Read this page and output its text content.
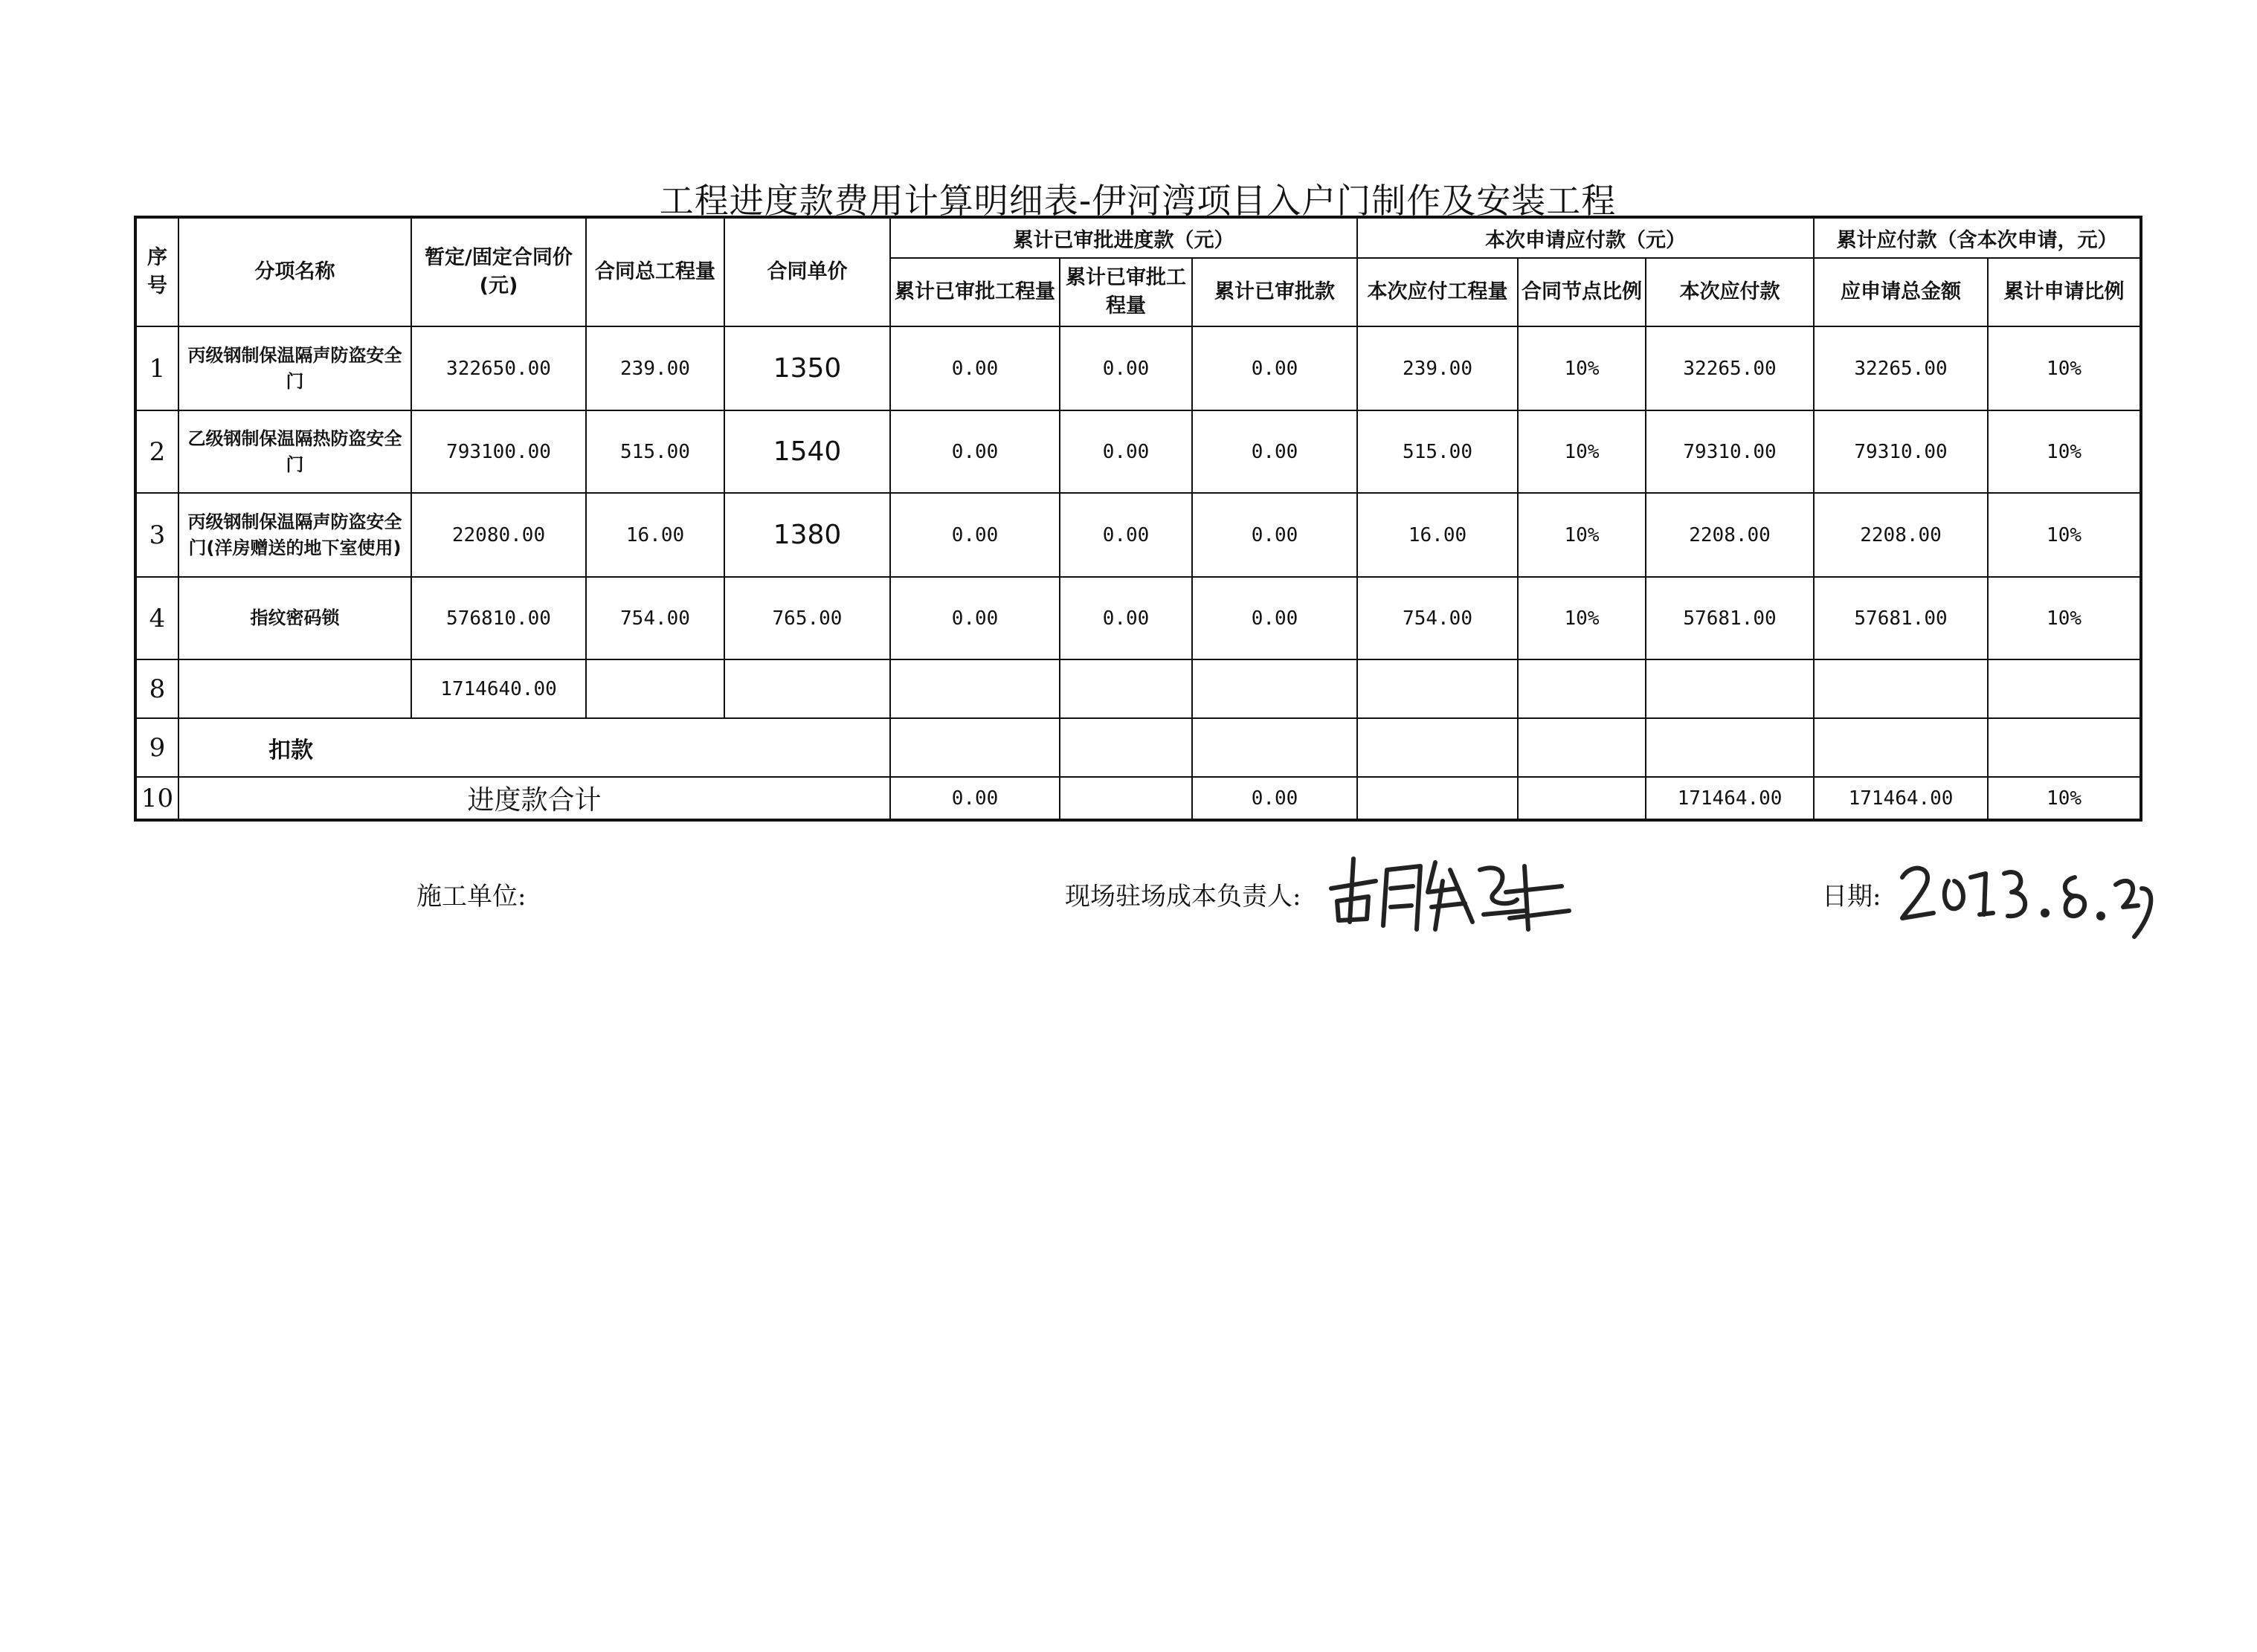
工程进度款费用计算明细表-伊河湾项目入户门制作及安装工程
序号	分项名称	暂定/固定合同价(元)	合同总工程量	合同单价	累计已审批进度款（元）			本次申请应付款（元）			累计应付款（含本次申请，元）	
					累计已审批工程量	累计已审批工程量	累计已审批款	本次应付工程量	合同节点比例	本次应付款	应申请总金额	累计申请比例
1	丙级钢制保温隔声防盗安全门	322650.00	239.00	1350	0.00	0.00	0.00	239.00	10%	32265.00	32265.00	10%
2	乙级钢制保温隔热防盗安全门	793100.00	515.00	1540	0.00	0.00	0.00	515.00	10%	79310.00	79310.00	10%
3	丙级钢制保温隔声防盗安全门(洋房赠送的地下室使用)	22080.00	16.00	1380	0.00	0.00	0.00	16.00	10%	2208.00	2208.00	10%
4	指纹密码锁	576810.00	754.00	765.00	0.00	0.00	0.00	754.00	10%	57681.00	57681.00	10%
8		1714640.00										
9	扣款											
10	进度款合计				0.00		0.00			171464.00	171464.00	10%
施工单位:	现场驻场成本负责人:	日期:
